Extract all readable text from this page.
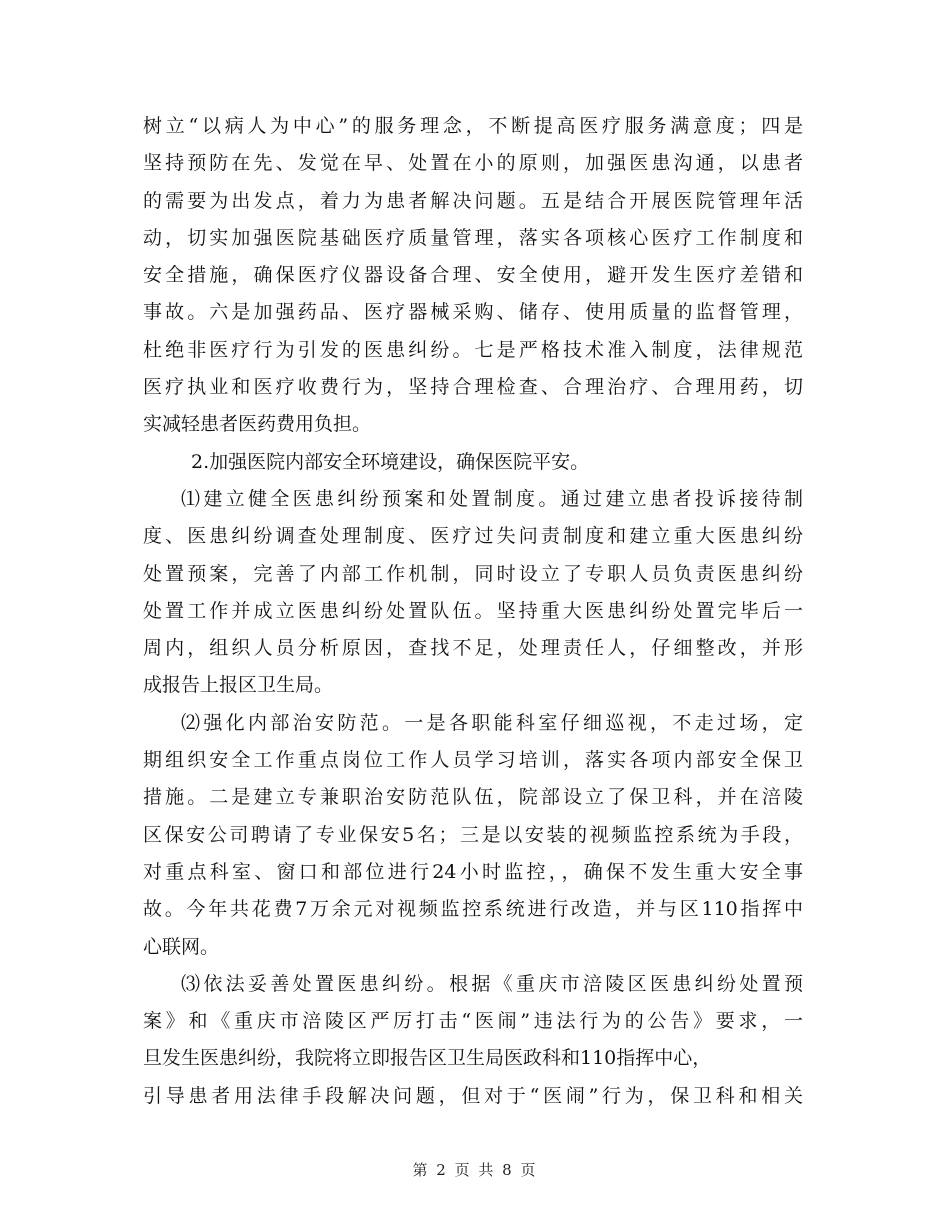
树立“以病人为中心”的服务理念，不断提高医疗服务满意度；四是
坚持预防在先、发觉在早、处置在小的原则，加强医患沟通，以患者
的需要为出发点，着力为患者解决问题。五是结合开展医院管理年活
动，切实加强医院基础医疗质量管理，落实各项核心医疗工作制度和
安全措施，确保医疗仪器设备合理、安全使用，避开发生医疗差错和
事故。六是加强药品、医疗器械采购、储存、使用质量的监督管理，
杜绝非医疗行为引发的医患纠纷。七是严格技术准入制度，法律规范
医疗执业和医疗收费行为，坚持合理检查、合理治疗、合理用药，切
实减轻患者医药费用负担。
2.加强医院内部安全环境建设，确保医院平安。
⑴建立健全医患纠纷预案和处置制度。通过建立患者投诉接待制
度、医患纠纷调查处理制度、医疗过失问责制度和建立重大医患纠纷
处置预案，完善了内部工作机制，同时设立了专职人员负责医患纠纷
处置工作并成立医患纠纷处置队伍。坚持重大医患纠纷处置完毕后一
周内，组织人员分析原因，查找不足，处理责任人，仔细整改，并形
成报告上报区卫生局。
⑵强化内部治安防范。一是各职能科室仔细巡视，不走过场，定
期组织安全工作重点岗位工作人员学习培训，落实各项内部安全保卫
措施。二是建立专兼职治安防范队伍，院部设立了保卫科，并在涪陵
区保安公司聘请了专业保安5名；三是以安装的视频监控系统为手段，
对重点科室、窗口和部位进行24小时监控，，确保不发生重大安全事
故。今年共花费7万余元对视频监控系统进行改造，并与区110指挥中
心联网。
⑶依法妥善处置医患纠纷。根据《重庆市涪陵区医患纠纷处置预
案》和《重庆市涪陵区严厉打击“医闹”违法行为的公告》要求，一
旦发生医患纠纷，我院将立即报告区卫生局医政科和110指挥中心，
引导患者用法律手段解决问题，但对于“医闹”行为，保卫科和相关
第 2 页 共 8 页
